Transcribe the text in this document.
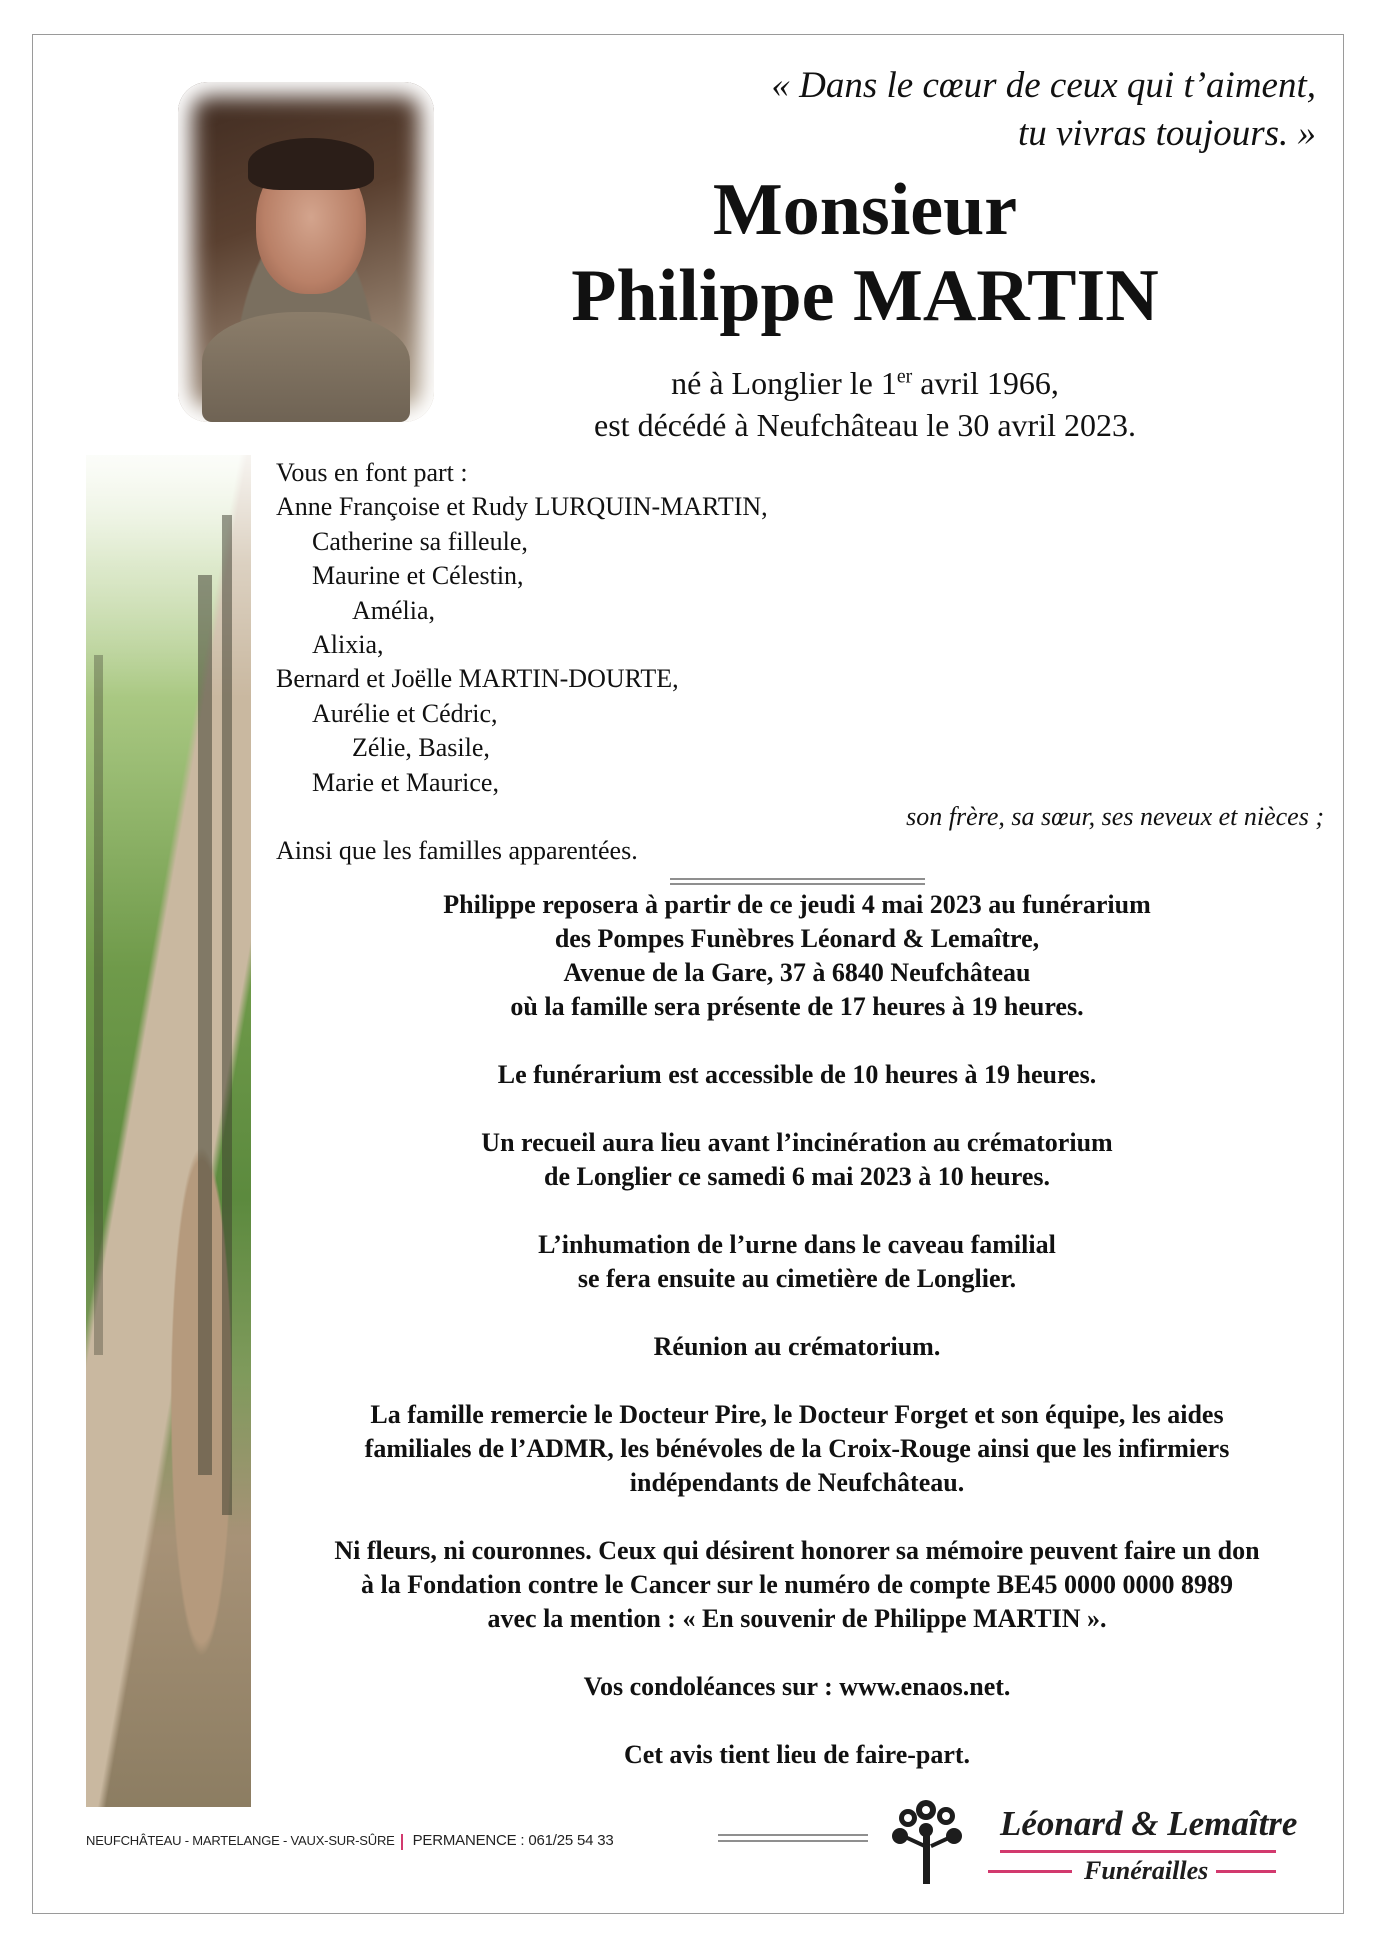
« Dans le cœur de ceux qui t’aiment,
tu vivras toujours. »
Monsieur
Philippe MARTIN
né à Longlier le 1er avril 1966,
est décédé à Neufchâteau le 30 avril 2023.
Vous en font part :
Anne Françoise et Rudy LURQUIN-MARTIN,
Catherine sa filleule,
Maurine et Célestin,
Amélia,
Alixia,
Bernard et Joëlle MARTIN-DOURTE,
Aurélie et Cédric,
Zélie, Basile,
Marie et Maurice,
son frère, sa sœur, ses neveux et nièces ;
Ainsi que les familles apparentées.
Philippe reposera à partir de ce jeudi 4 mai 2023 au funérarium
des Pompes Funèbres Léonard & Lemaître,
Avenue de la Gare, 37 à 6840 Neufchâteau
où la famille sera présente de 17 heures à 19 heures.
Le funérarium est accessible de 10 heures à 19 heures.
Un recueil aura lieu avant l’incinération au crématorium
de Longlier ce samedi 6 mai 2023 à 10 heures.
L’inhumation de l’urne dans le caveau familial
se fera ensuite au cimetière de Longlier.
Réunion au crématorium.
La famille remercie le Docteur Pire, le Docteur Forget et son équipe, les aides
familiales de l’ADMR, les bénévoles de la Croix-Rouge ainsi que les infirmiers
indépendants de Neufchâteau.
Ni fleurs, ni couronnes. Ceux qui désirent honorer sa mémoire peuvent faire un don
à la Fondation contre le Cancer sur le numéro de compte BE45 0000 0000 8989
avec la mention : « En souvenir de Philippe MARTIN ».
Vos condoléances sur : www.enaos.net.
Cet avis tient lieu de faire-part.
NEUFCHÂTEAU - MARTELANGE - VAUX-SUR-SÛRE PERMANENCE : 061/25 54 33	Léonard & Lemaître
Funérailles
